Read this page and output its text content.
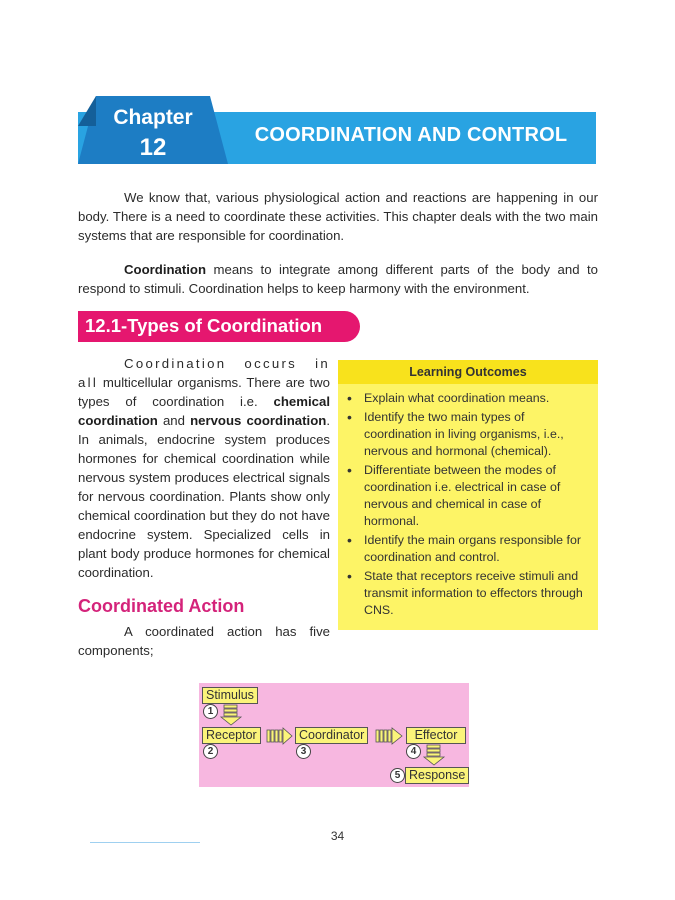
Chapter
12	COORDINATION AND CONTROL
We know that, various physiological action and reactions are happening in our body. There is a need to coordinate these activities. This chapter deals with the two main systems that are responsible for coordination.
Coordination means to integrate among different parts of the body and to respond to stimuli. Coordination helps to keep harmony with the environment.
12.1-Types of Coordination
Coordination occurs in all multicellular organisms. There are two types of coordination i.e. chemical coordination and nervous coordination. In animals, endocrine system produces hormones for chemical coordination while nervous system produces electrical signals for nervous coordination. Plants show only chemical coordination but they do not have endocrine system. Specialized cells in plant body produce hormones for chemical coordination.
Coordinated Action
A coordinated action has five components;
Learning Outcomes
• Explain what coordination means.
• Identify the two main types of coordination in living organisms, i.e., nervous and hormonal (chemical).
• Differentiate between the modes of coordination i.e. electrical in case of nervous and chemical in case of hormonal.
• Identify the main organs responsible for coordination and control.
• State that receptors receive stimuli and transmit information to effectors through CNS.
Stimulus
1
Receptor
2
Coordinator
3
Effector
4
5 Response
34
